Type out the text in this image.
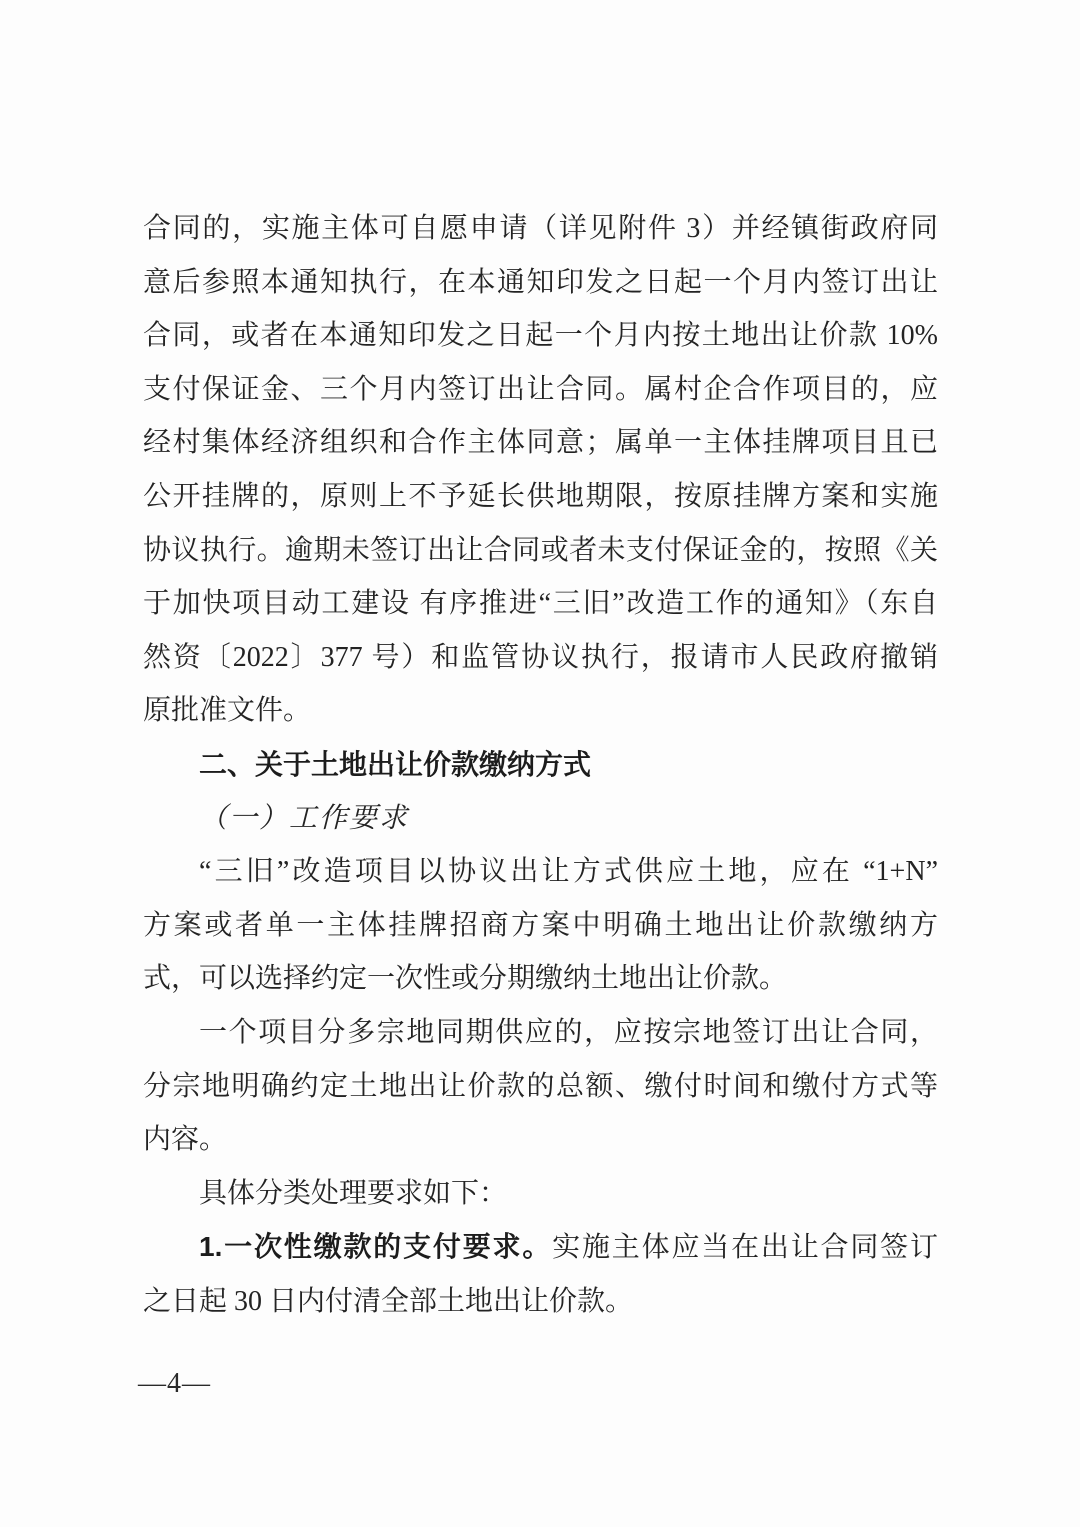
合同的，实施主体可自愿申请（详见附件 3）并经镇街政府同
意后参照本通知执行，在本通知印发之日起一个月内签订出让
合同，或者在本通知印发之日起一个月内按土地出让价款 10%
支付保证金、三个月内签订出让合同。属村企合作项目的，应
经村集体经济组织和合作主体同意；属单一主体挂牌项目且已
公开挂牌的，原则上不予延长供地期限，按原挂牌方案和实施
协议执行。逾期未签订出让合同或者未支付保证金的，按照《关
于加快项目动工建设 有序推进“三旧”改造工作的通知》（东自
然资〔2022〕377 号）和监管协议执行，报请市人民政府撤销
原批准文件。
二、关于土地出让价款缴纳方式
（一）工作要求
“三旧”改造项目以协议出让方式供应土地，应在 “1+N”
方案或者单一主体挂牌招商方案中明确土地出让价款缴纳方
式，可以选择约定一次性或分期缴纳土地出让价款。
一个项目分多宗地同期供应的，应按宗地签订出让合同，
分宗地明确约定土地出让价款的总额、缴付时间和缴付方式等
内容。
具体分类处理要求如下：
1.一次性缴款的支付要求。实施主体应当在出让合同签订
之日起 30 日内付清全部土地出让价款。
—4—
